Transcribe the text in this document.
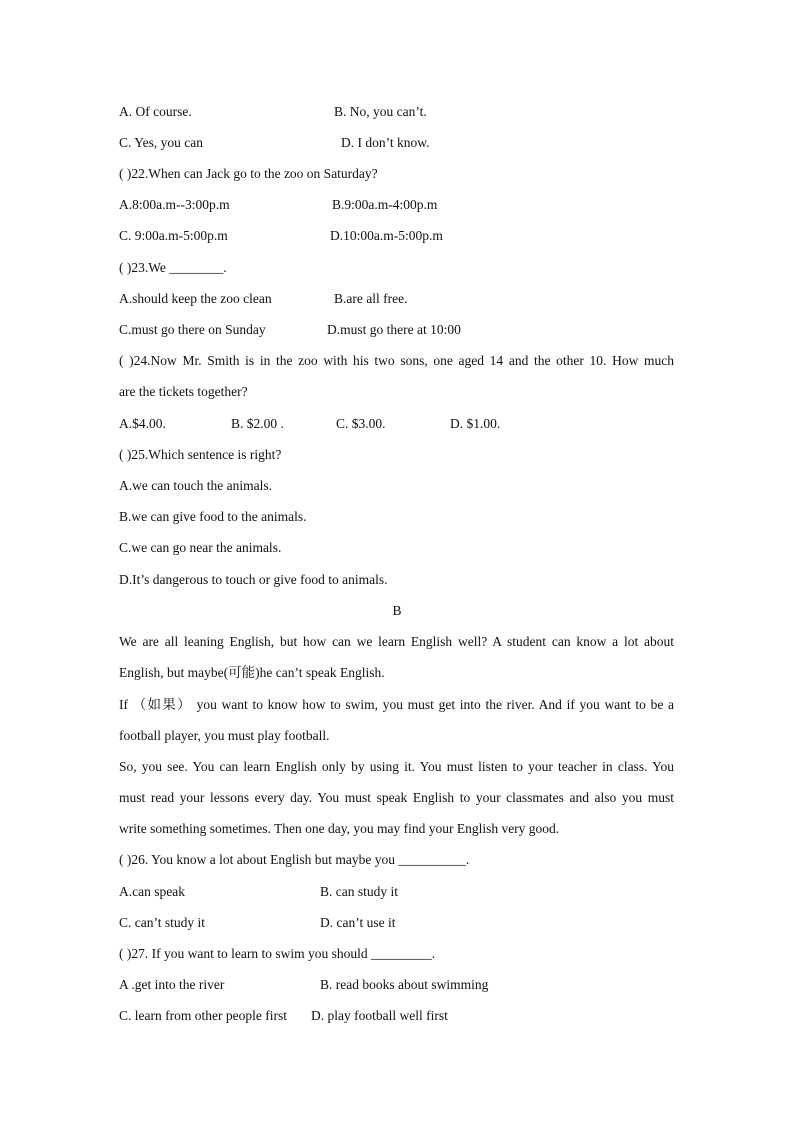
A. Of course.	B. No, you can’t.
C. Yes, you can	D. I don’t know.
( )22.When can Jack go to the zoo on Saturday?
A.8:00a.m--3:00p.m	B.9:00a.m-4:00p.m
C. 9:00a.m-5:00p.m	D.10:00a.m-5:00p.m
( )23.We ________.
A.should keep the zoo clean	B.are all free.
C.must go there on Sunday	D.must go there at 10:00
( )24.Now Mr. Smith is in the zoo with his two sons, one aged 14 and the other 10. How much
are the tickets together?
A.$4.00.	B. $2.00 .	C. $3.00.	D. $1.00.
( )25.Which sentence is right?
A.we can touch the animals.
B.we can give food to the animals.
C.we can go near the animals.
D.It’s dangerous to touch or give food to animals.
B
We are all leaning English, but how can we learn English well? A student can know a lot about
English, but maybe(可能)he can’t speak English.
If （如果） you want to know how to swim, you must get into the river. And if you want to be a
football player, you must play football.
So, you see. You can learn English only by using it. You must listen to your teacher in class. You
must read your lessons every day. You must speak English to your classmates and also you must
write something sometimes. Then one day, you may find your English very good.
( )26. You know a lot about English but maybe you __________.
A.can speak	B. can study it
C. can’t study it	D. can’t use it
( )27. If you want to learn to swim you should _________.
A .get into the river	B. read books about swimming
C. learn from other people first D. play football well first
